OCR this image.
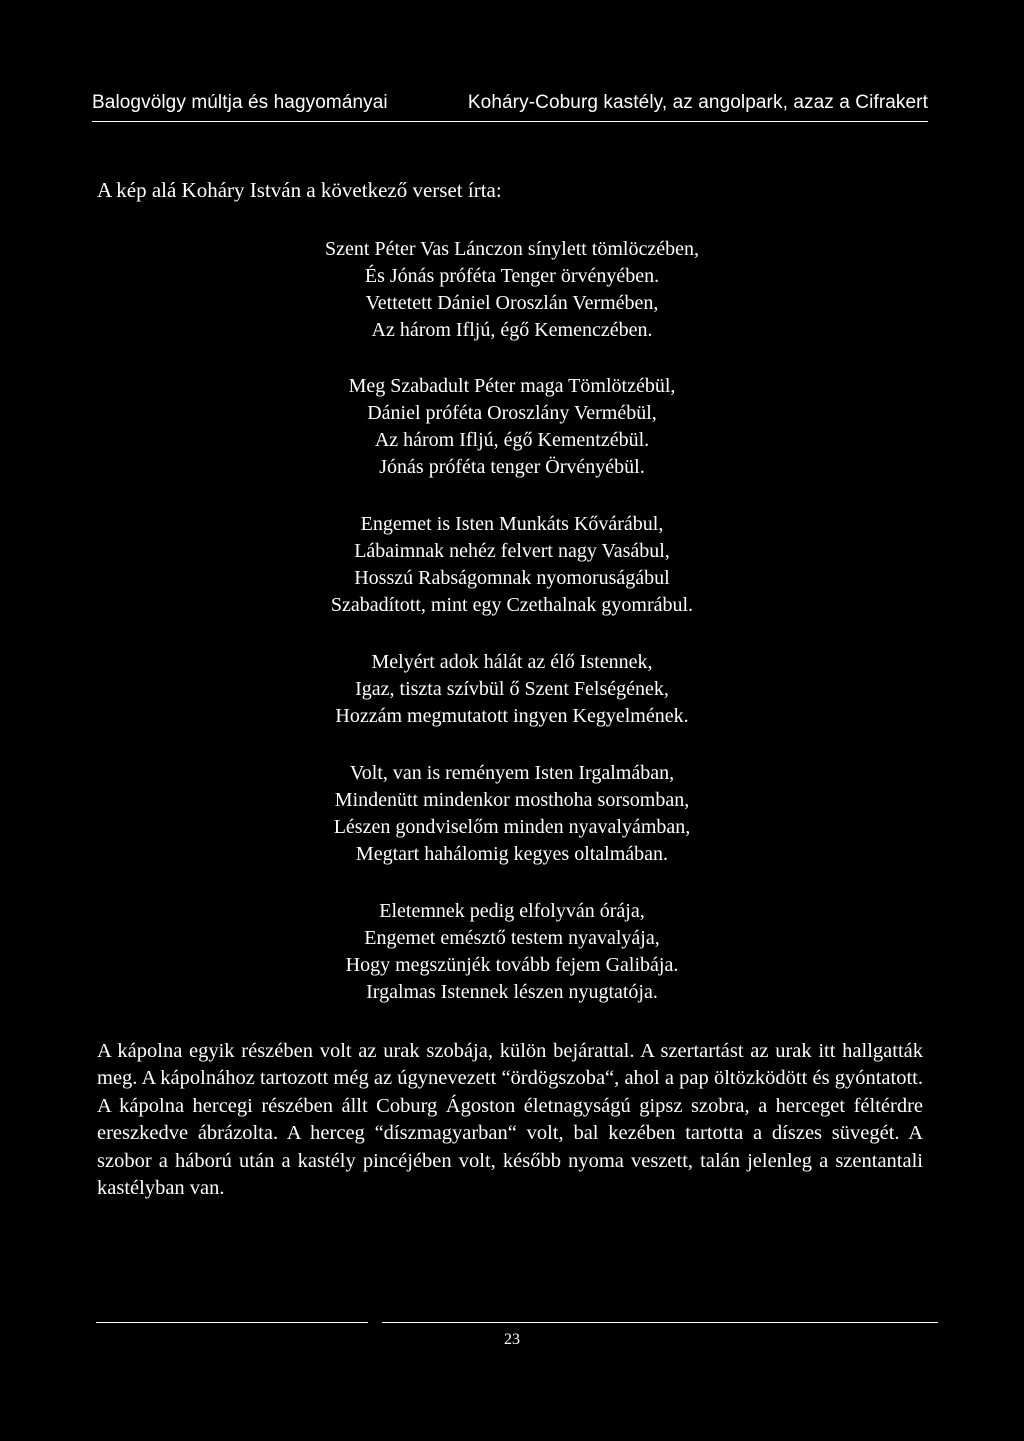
Balogvölgy múltja és hagyományai	Koháry-Coburg kastély, az angolpark, azaz a Cifrakert
A kép alá Koháry István a következő verset írta:
Szent Péter Vas Lánczon sínylett tömlöczében,
És Jónás próféta Tenger örvényében.
Vettetett Dániel Oroszlán Vermében,
Az három Ifljú, égő Kemenczében.
Meg Szabadult Péter maga Tömlötzébül,
Dániel próféta Oroszlány Vermébül,
Az három Ifljú, égő Kementzébül.
Jónás próféta tenger Örvényébül.
Engemet is Isten Munkáts Kővárábul,
Lábaimnak nehéz felvert nagy Vasábul,
Hosszú Rabságomnak nyomoruságábul
Szabadított, mint egy Czethalnak gyomrábul.
Melyért adok hálát az élő Istennek,
Igaz, tiszta szívbül ő Szent Felségének,
Hozzám megmutatott ingyen Kegyelmének.
Volt, van is reményem Isten Irgalmában,
Mindenütt mindenkor mosthoha sorsomban,
Lészen gondviselőm minden nyavalyámban,
Megtart hahálomig kegyes oltalmában.
Eletemnek pedig elfolyván órája,
Engemet emésztő testem nyavalyája,
Hogy megszünjék tovább fejem Galibája.
Irgalmas Istennek lészen nyugtatója.
A kápolna egyik részében volt az urak szobája, külön bejárattal. A szertartást az urak itt hallgatták meg. A kápolnához tartozott még az úgynevezett “ördögszoba“, ahol a pap öltözködött és gyóntatott. A kápolna hercegi részében állt Coburg Ágoston életnagyságú gipsz szobra, a herceget féltérdre ereszkedve ábrázolta. A herceg “díszmagyarban“ volt, bal kezében tartotta a díszes süvegét. A szobor a háború után a kastély pincéjében volt, később nyoma veszett, talán jelenleg a szentantali kastélyban van.
23
